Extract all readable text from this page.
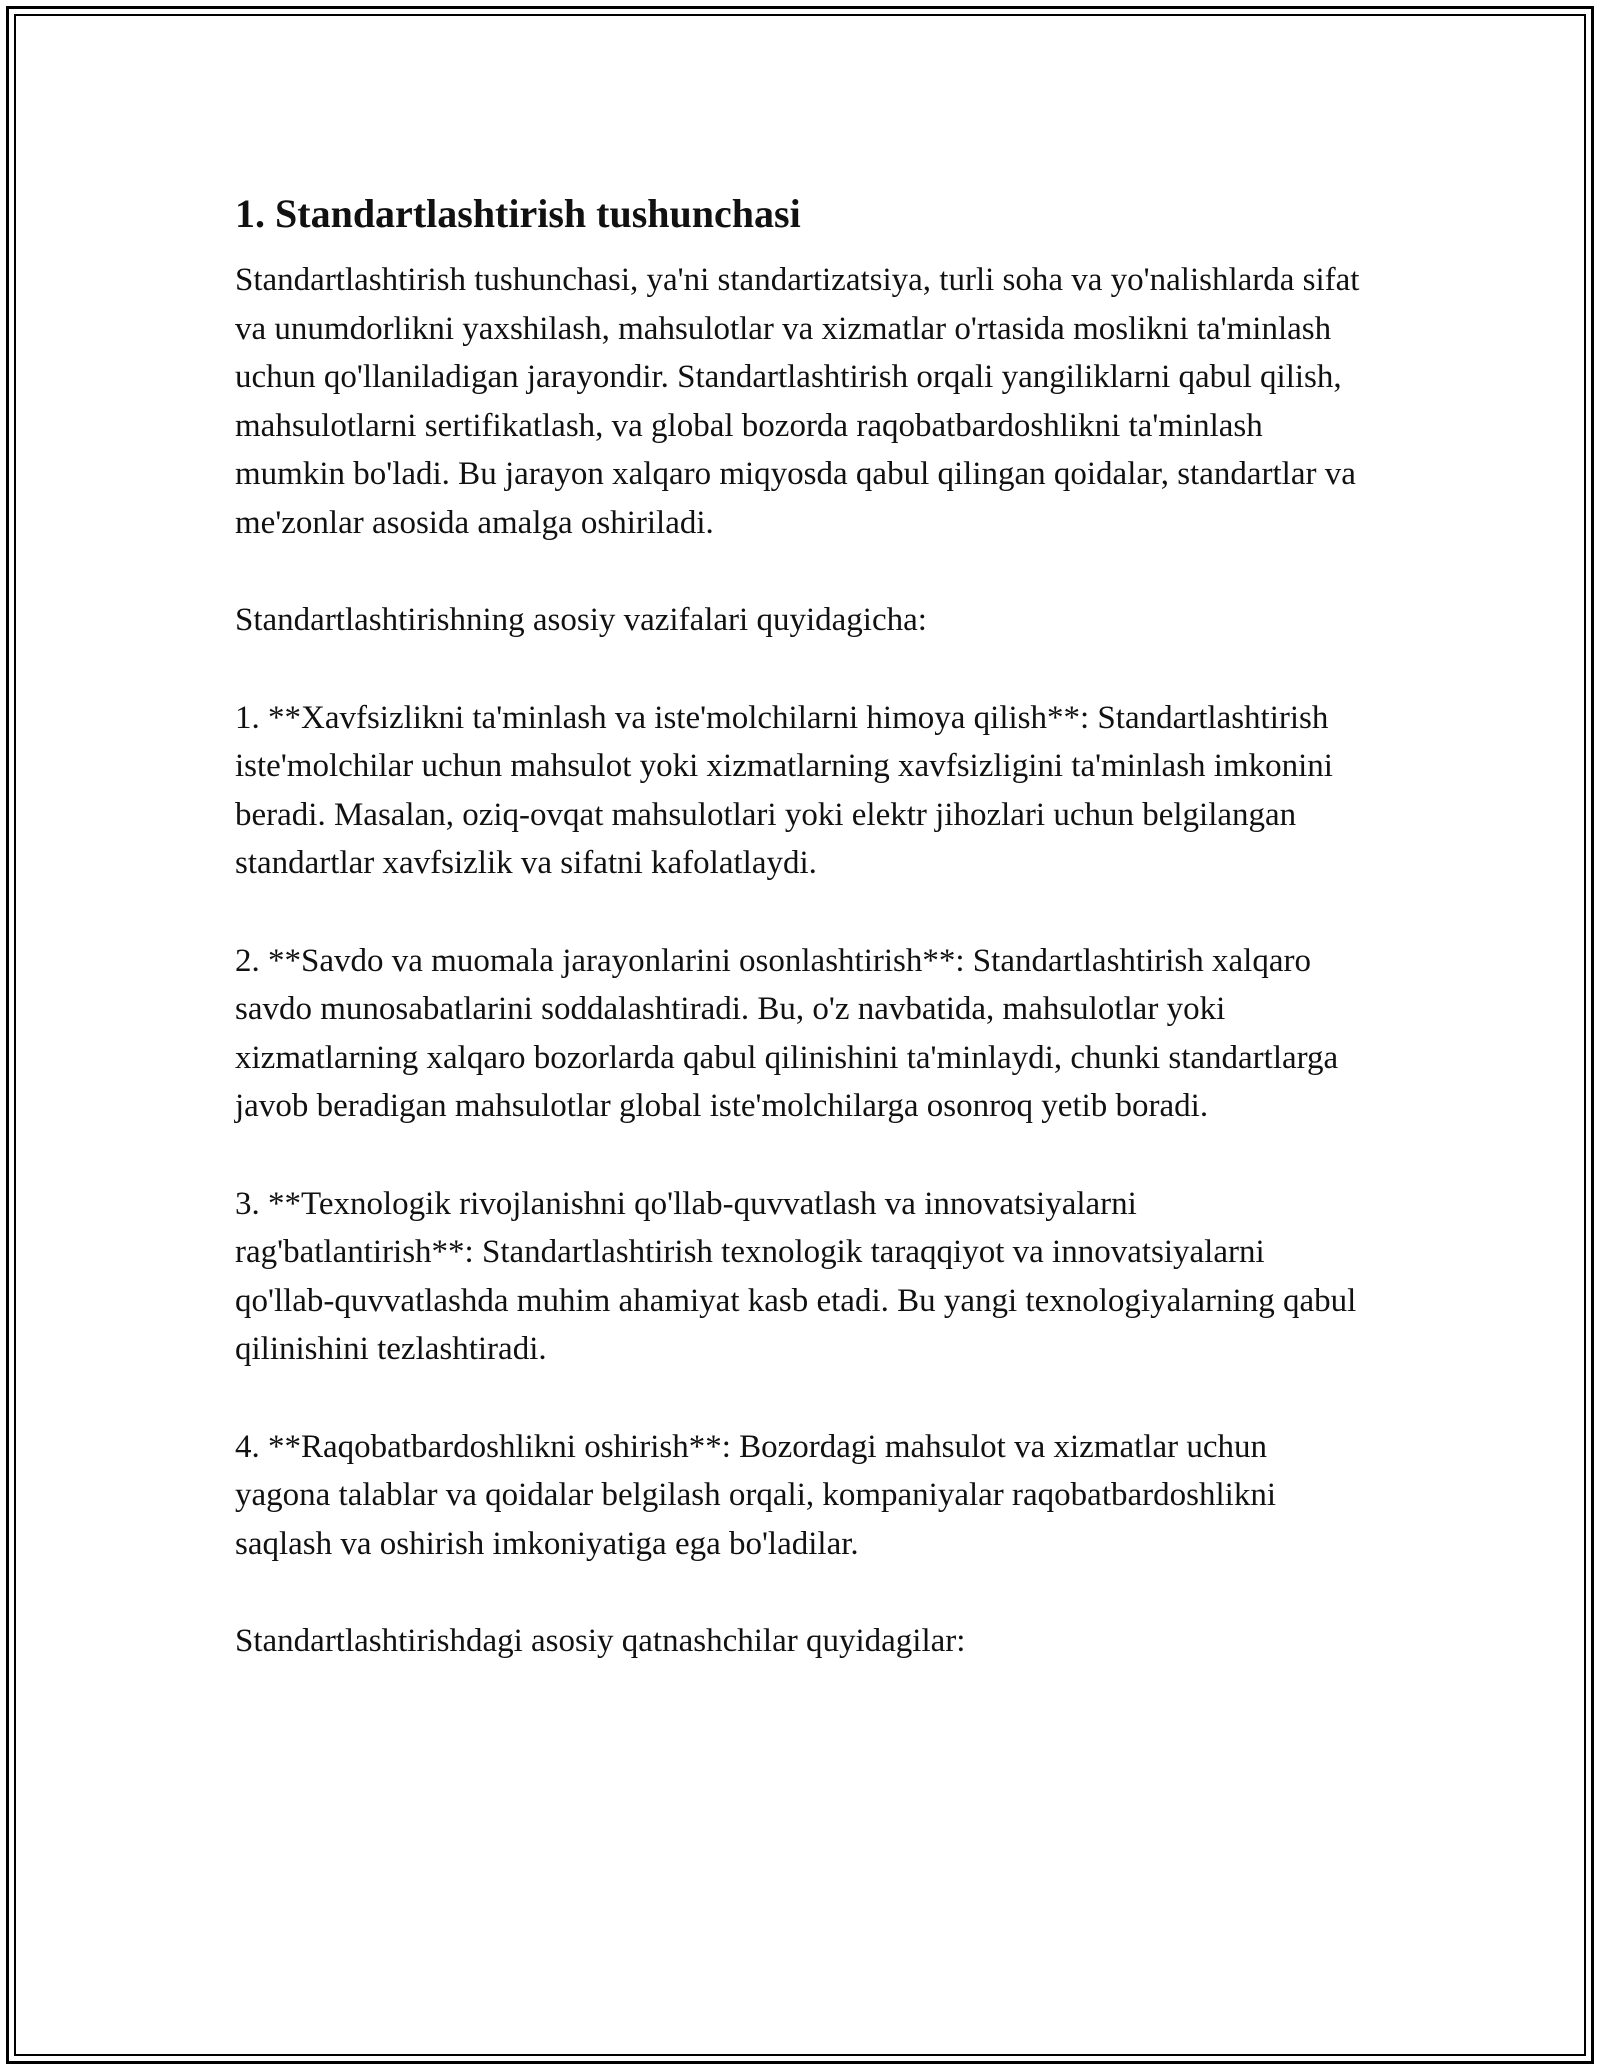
1. Standartlashtirish tushunchasi

Standartlashtirish tushunchasi, ya'ni standartizatsiya, turli soha va yo'nalishlarda sifat va unumdorlikni yaxshilash, mahsulotlar va xizmatlar o'rtasida moslikni ta'minlash uchun qo'llaniladigan jarayondir. Standartlashtirish orqali yangiliklarni qabul qilish, mahsulotlarni sertifikatlash, va global bozorda raqobatbardoshlikni ta'minlash mumkin bo'ladi. Bu jarayon xalqaro miqyosda qabul qilingan qoidalar, standartlar va me'zonlar asosida amalga oshiriladi.

Standartlashtirishning asosiy vazifalari quyidagicha:

1. **Xavfsizlikni ta'minlash va iste'molchilarni himoya qilish**: Standartlashtirish iste'molchilar uchun mahsulot yoki xizmatlarning xavfsizligini ta'minlash imkonini beradi. Masalan, oziq-ovqat mahsulotlari yoki elektr jihozlari uchun belgilangan standartlar xavfsizlik va sifatni kafolatlaydi.

2. **Savdo va muomala jarayonlarini osonlashtirish**: Standartlashtirish xalqaro savdo munosabatlarini soddalashtiradi. Bu, o'z navbatida, mahsulotlar yoki xizmatlarning xalqaro bozorlarda qabul qilinishini ta'minlaydi, chunki standartlarga javob beradigan mahsulotlar global iste'molchilarga osonroq yetib boradi.

3. **Texnologik rivojlanishni qo'llab-quvvatlash va innovatsiyalarni rag'batlantirish**: Standartlashtirish texnologik taraqqiyot va innovatsiyalarni qo'llab-quvvatlashda muhim ahamiyat kasb etadi. Bu yangi texnologiyalarning qabul qilinishini tezlashtiradi.

4. **Raqobatbardoshlikni oshirish**: Bozordagi mahsulot va xizmatlar uchun yagona talablar va qoidalar belgilash orqali, kompaniyalar raqobatbardoshlikni saqlash va oshirish imkoniyatiga ega bo'ladilar.

Standartlashtirishdagi asosiy qatnashchilar quyidagilar:
